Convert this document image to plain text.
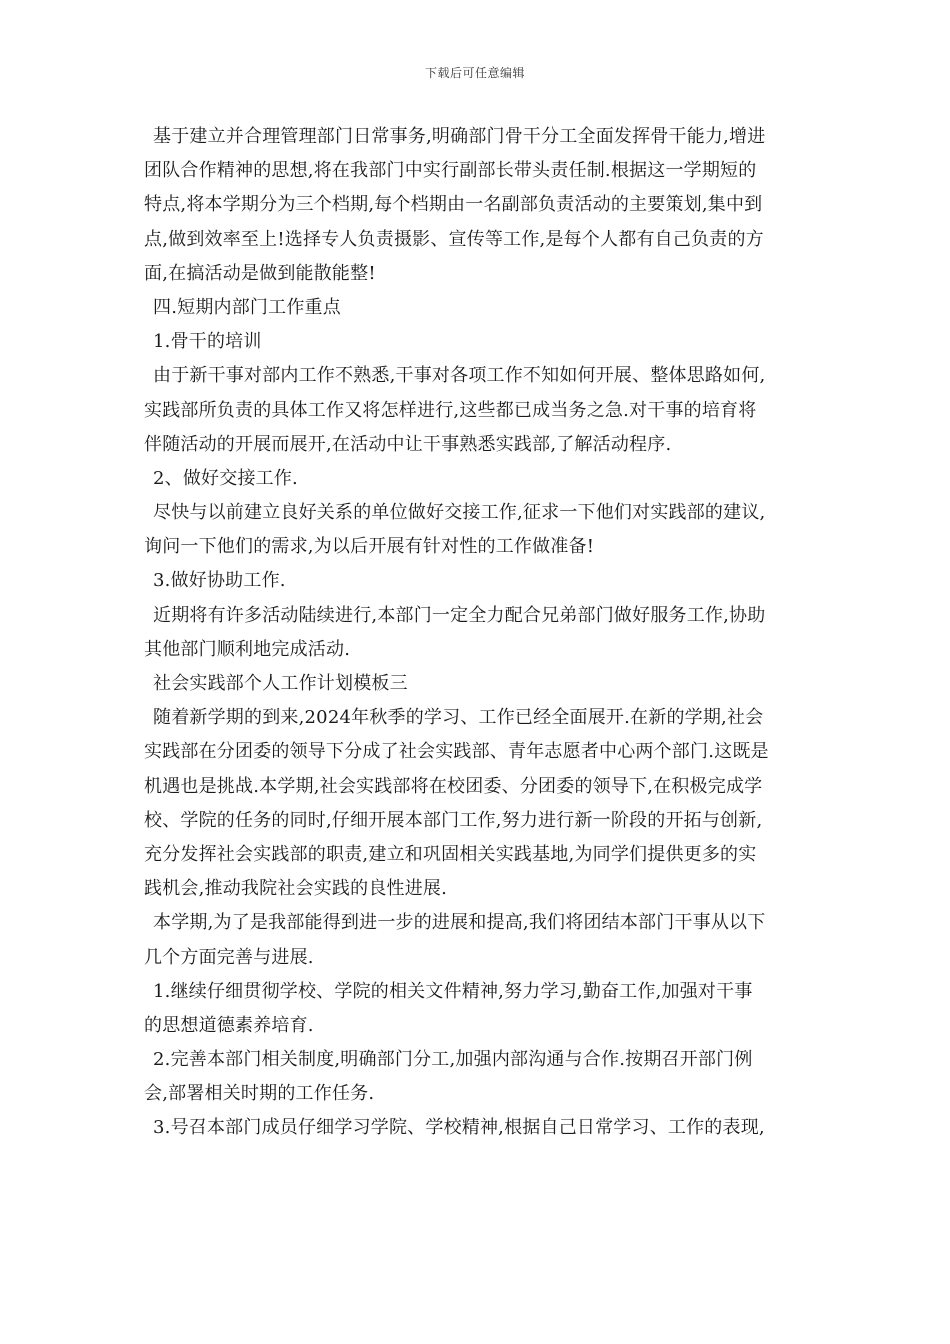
下载后可任意编辑
基于建立并合理管理部门日常事务,明确部门骨干分工全面发挥骨干能力,增进
团队合作精神的思想,将在我部门中实行副部长带头责任制.根据这一学期短的
特点,将本学期分为三个档期,每个档期由一名副部负责活动的主要策划,集中到
点,做到效率至上!选择专人负责摄影、宣传等工作,是每个人都有自己负责的方
面,在搞活动是做到能散能整!
四.短期内部门工作重点
1.骨干的培训
由于新干事对部内工作不熟悉,干事对各项工作不知如何开展、整体思路如何,
实践部所负责的具体工作又将怎样进行,这些都已成当务之急.对干事的培育将
伴随活动的开展而展开,在活动中让干事熟悉实践部,了解活动程序.
2、做好交接工作.
尽快与以前建立良好关系的单位做好交接工作,征求一下他们对实践部的建议,
询问一下他们的需求,为以后开展有针对性的工作做准备!
3.做好协助工作.
近期将有许多活动陆续进行,本部门一定全力配合兄弟部门做好服务工作,协助
其他部门顺利地完成活动.
社会实践部个人工作计划模板三
随着新学期的到来,2024年秋季的学习、工作已经全面展开.在新的学期,社会
实践部在分团委的领导下分成了社会实践部、青年志愿者中心两个部门.这既是
机遇也是挑战.本学期,社会实践部将在校团委、分团委的领导下,在积极完成学
校、学院的任务的同时,仔细开展本部门工作,努力进行新一阶段的开拓与创新,
充分发挥社会实践部的职责,建立和巩固相关实践基地,为同学们提供更多的实
践机会,推动我院社会实践的良性进展.
本学期,为了是我部能得到进一步的进展和提高,我们将团结本部门干事从以下
几个方面完善与进展.
1.继续仔细贯彻学校、学院的相关文件精神,努力学习,勤奋工作,加强对干事
的思想道德素养培育.
2.完善本部门相关制度,明确部门分工,加强内部沟通与合作.按期召开部门例
会,部署相关时期的工作任务.
3.号召本部门成员仔细学习学院、学校精神,根据自己日常学习、工作的表现,
